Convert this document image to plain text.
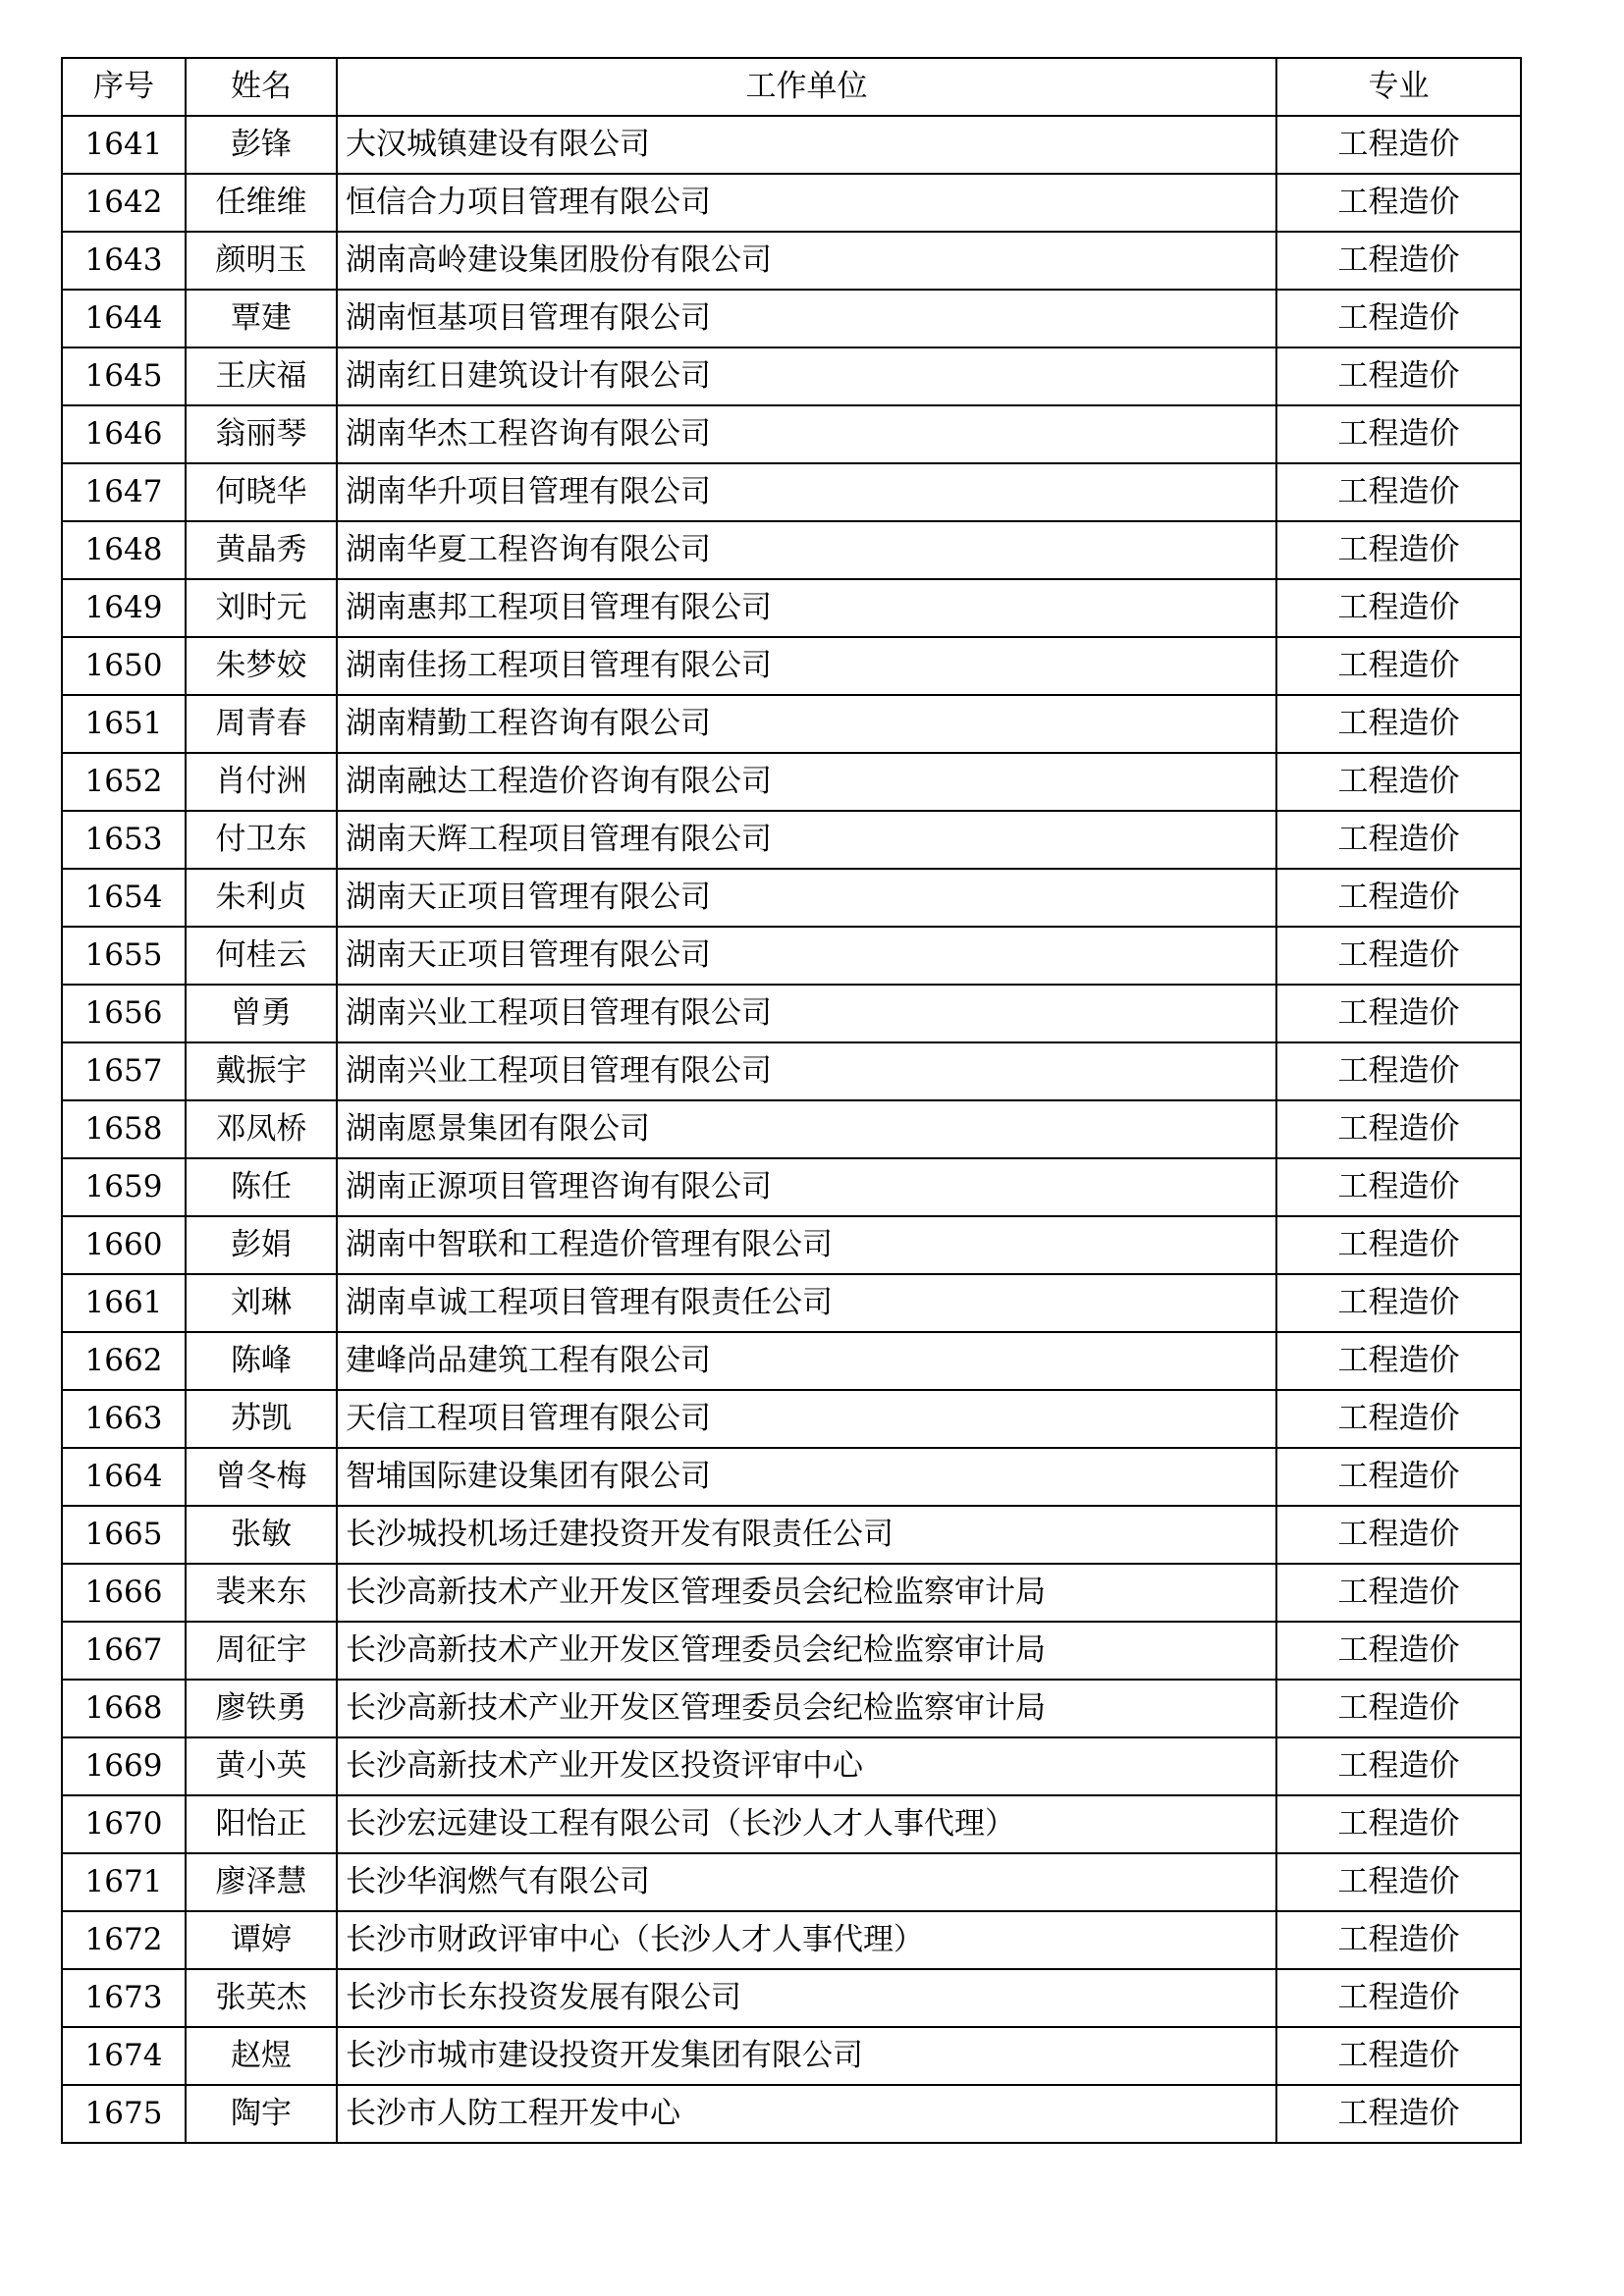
序号	姓名	工作单位	专业
1641	彭锋	大汉城镇建设有限公司	工程造价
1642	任维维	恒信合力项目管理有限公司	工程造价
1643	颜明玉	湖南高岭建设集团股份有限公司	工程造价
1644	覃建	湖南恒基项目管理有限公司	工程造价
1645	王庆福	湖南红日建筑设计有限公司	工程造价
1646	翁丽琴	湖南华杰工程咨询有限公司	工程造价
1647	何晓华	湖南华升项目管理有限公司	工程造价
1648	黄晶秀	湖南华夏工程咨询有限公司	工程造价
1649	刘时元	湖南惠邦工程项目管理有限公司	工程造价
1650	朱梦姣	湖南佳扬工程项目管理有限公司	工程造价
1651	周青春	湖南精勤工程咨询有限公司	工程造价
1652	肖付洲	湖南融达工程造价咨询有限公司	工程造价
1653	付卫东	湖南天辉工程项目管理有限公司	工程造价
1654	朱利贞	湖南天正项目管理有限公司	工程造价
1655	何桂云	湖南天正项目管理有限公司	工程造价
1656	曾勇	湖南兴业工程项目管理有限公司	工程造价
1657	戴振宇	湖南兴业工程项目管理有限公司	工程造价
1658	邓凤桥	湖南愿景集团有限公司	工程造价
1659	陈任	湖南正源项目管理咨询有限公司	工程造价
1660	彭娟	湖南中智联和工程造价管理有限公司	工程造价
1661	刘琳	湖南卓诚工程项目管理有限责任公司	工程造价
1662	陈峰	建峰尚品建筑工程有限公司	工程造价
1663	苏凯	天信工程项目管理有限公司	工程造价
1664	曾冬梅	智埔国际建设集团有限公司	工程造价
1665	张敏	长沙城投机场迁建投资开发有限责任公司	工程造价
1666	裴来东	长沙高新技术产业开发区管理委员会纪检监察审计局	工程造价
1667	周征宇	长沙高新技术产业开发区管理委员会纪检监察审计局	工程造价
1668	廖铁勇	长沙高新技术产业开发区管理委员会纪检监察审计局	工程造价
1669	黄小英	长沙高新技术产业开发区投资评审中心	工程造价
1670	阳怡正	长沙宏远建设工程有限公司（长沙人才人事代理）	工程造价
1671	廖泽慧	长沙华润燃气有限公司	工程造价
1672	谭婷	长沙市财政评审中心（长沙人才人事代理）	工程造价
1673	张英杰	长沙市长东投资发展有限公司	工程造价
1674	赵煜	长沙市城市建设投资开发集团有限公司	工程造价
1675	陶宇	长沙市人防工程开发中心	工程造价
